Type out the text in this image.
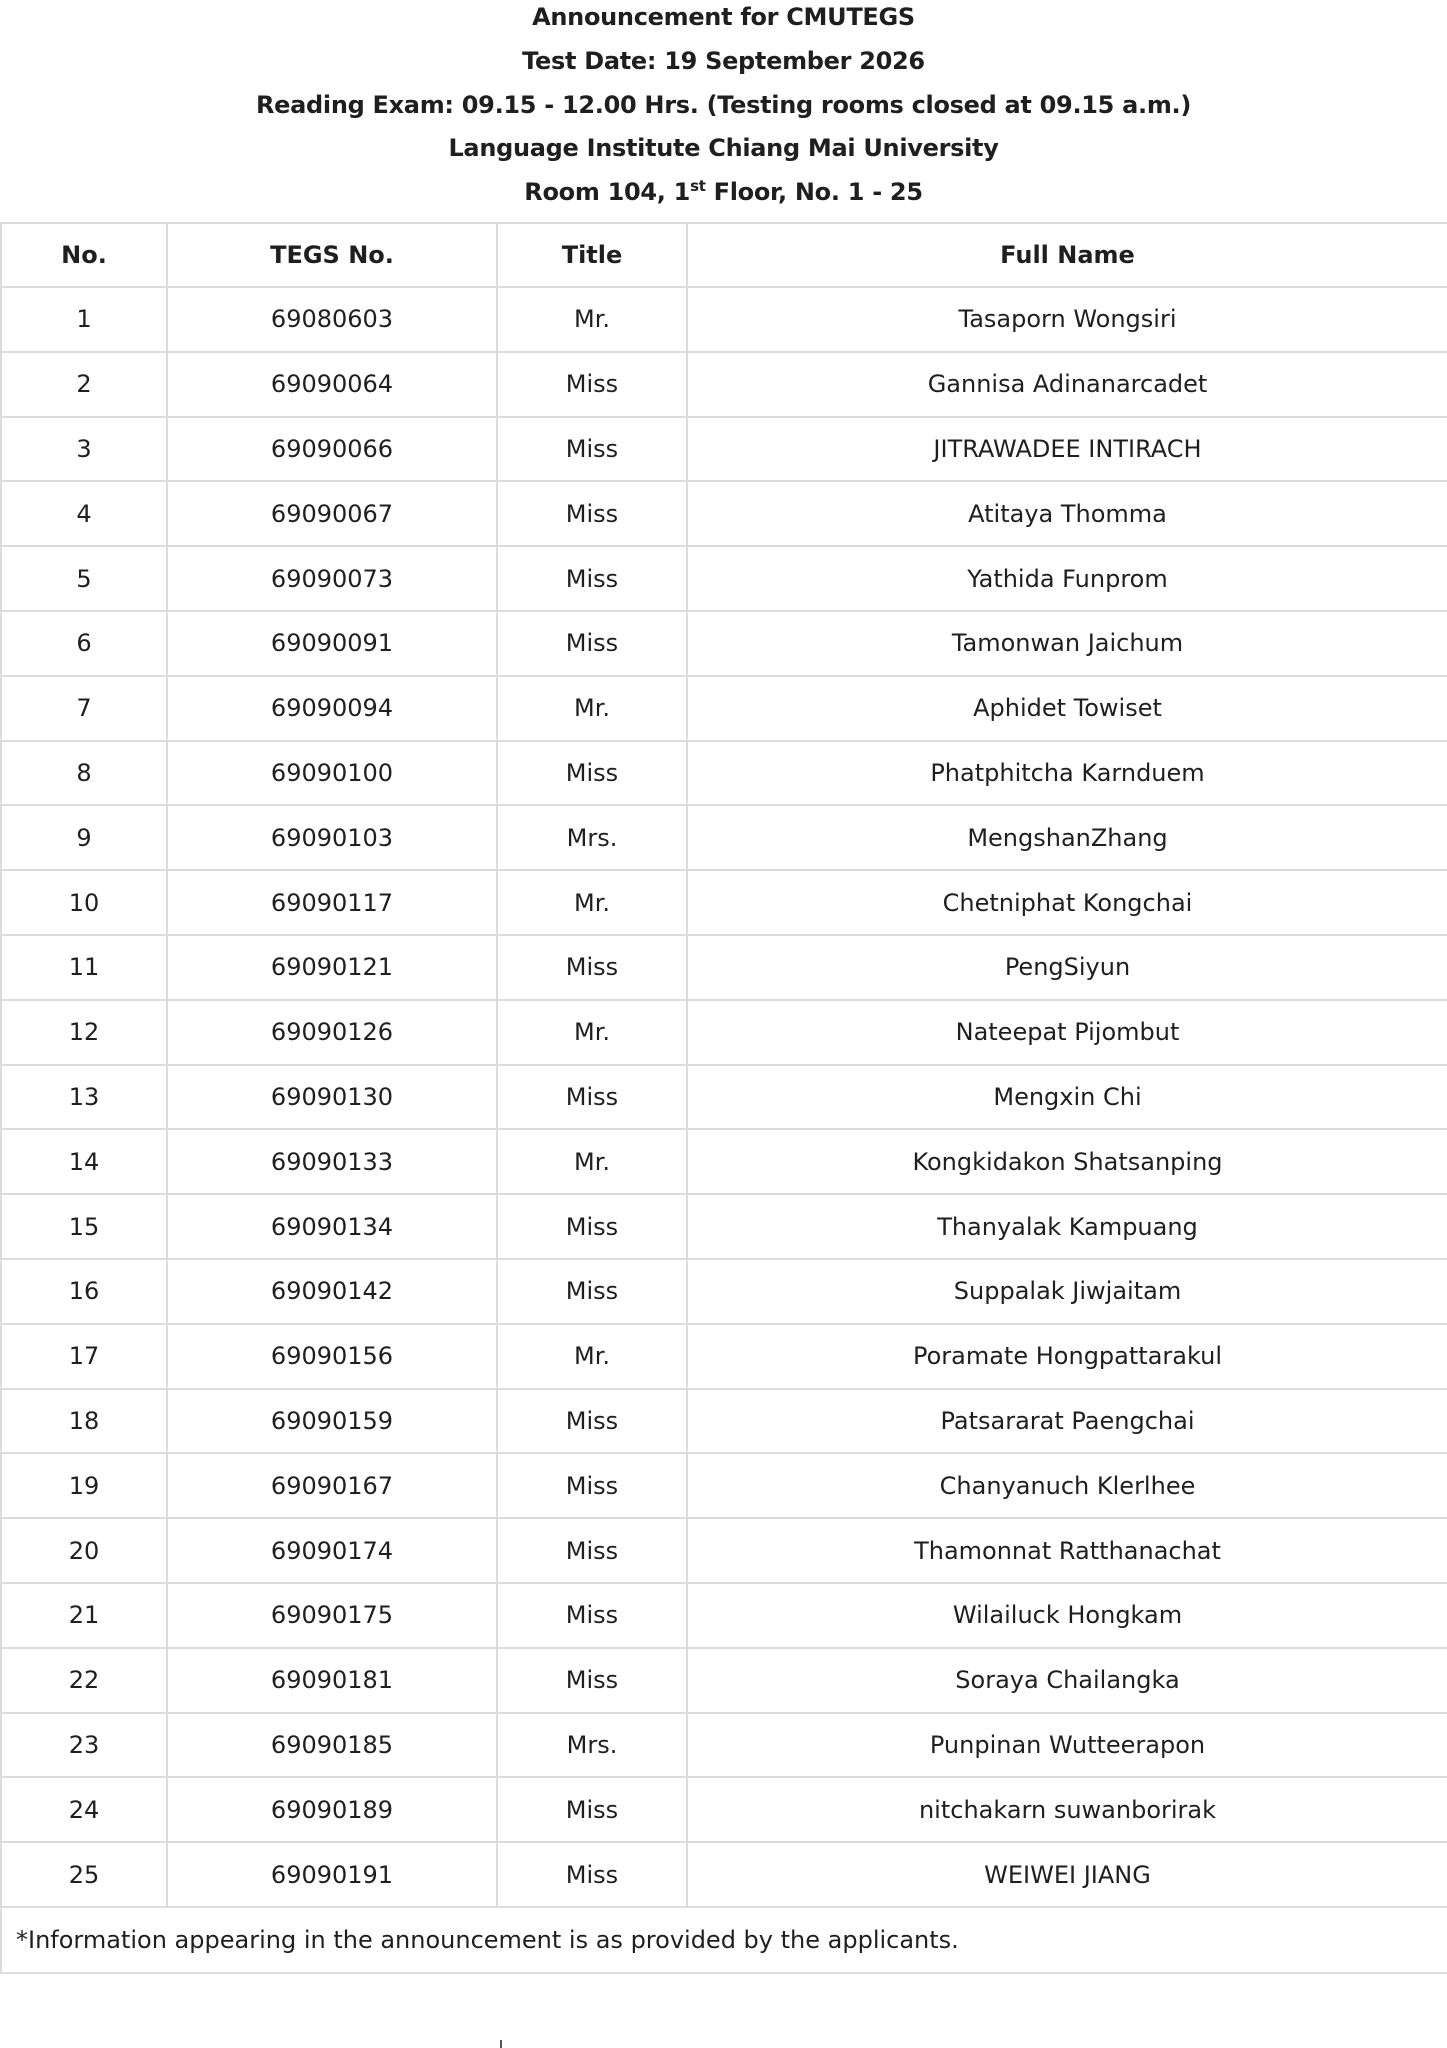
Announcement for CMUTEGS
Test Date: 19 September 2026
Reading Exam: 09.15 - 12.00 Hrs. (Testing rooms closed at 09.15 a.m.)
Language Institute Chiang Mai University
Room 104, 1st Floor, No. 1 - 25
No.	TEGS No.	Title	Full Name
1	69080603	Mr.	Tasaporn Wongsiri
2	69090064	Miss	Gannisa Adinanarcadet
3	69090066	Miss	JITRAWADEE INTIRACH
4	69090067	Miss	Atitaya Thomma
5	69090073	Miss	Yathida Funprom
6	69090091	Miss	Tamonwan Jaichum
7	69090094	Mr.	Aphidet Towiset
8	69090100	Miss	Phatphitcha Karnduem
9	69090103	Mrs.	MengshanZhang
10	69090117	Mr.	Chetniphat Kongchai
11	69090121	Miss	PengSiyun
12	69090126	Mr.	Nateepat Pijombut
13	69090130	Miss	Mengxin Chi
14	69090133	Mr.	Kongkidakon Shatsanping
15	69090134	Miss	Thanyalak Kampuang
16	69090142	Miss	Suppalak Jiwjaitam
17	69090156	Mr.	Poramate Hongpattarakul
18	69090159	Miss	Patsararat Paengchai
19	69090167	Miss	Chanyanuch Klerlhee
20	69090174	Miss	Thamonnat Ratthanachat
21	69090175	Miss	Wilailuck Hongkam
22	69090181	Miss	Soraya Chailangka
23	69090185	Mrs.	Punpinan Wutteerapon
24	69090189	Miss	nitchakarn suwanborirak
25	69090191	Miss	WEIWEI JIANG
*Information appearing in the announcement is as provided by the applicants.			
